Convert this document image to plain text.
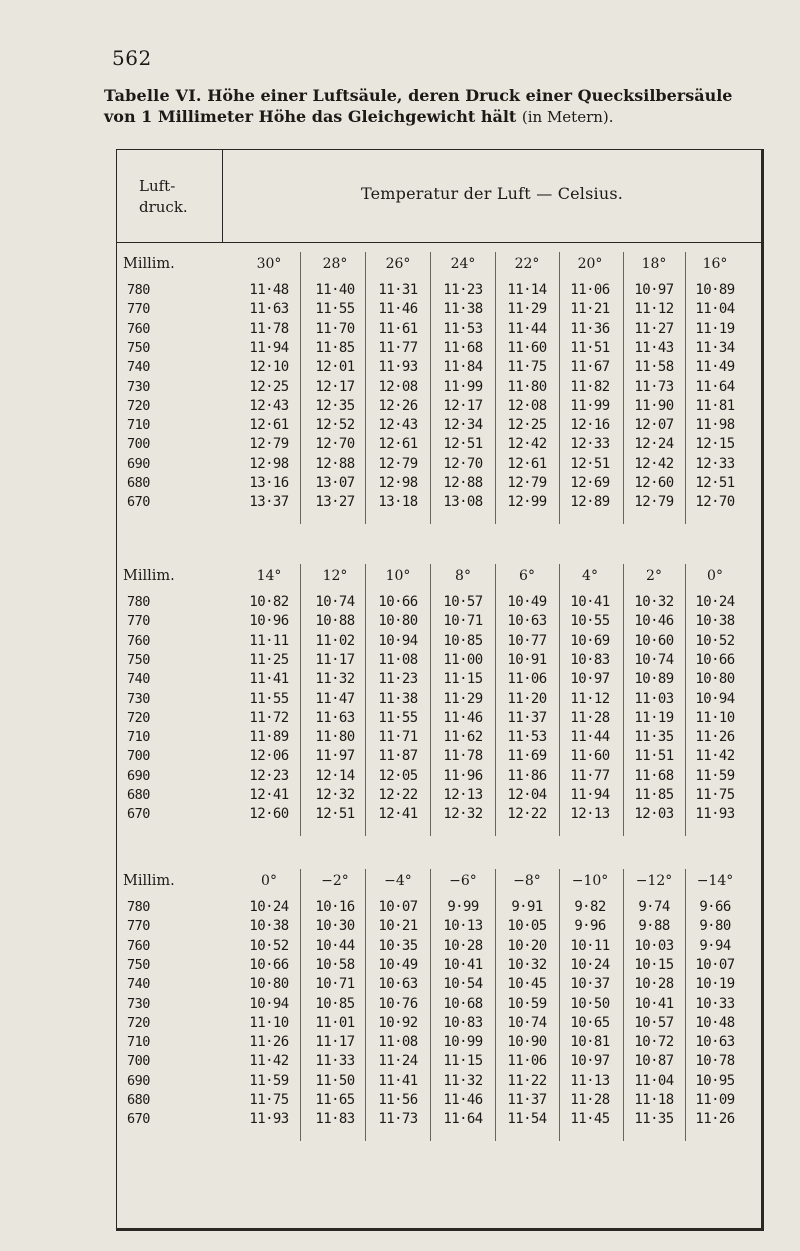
562
Tabelle VI. Höhe einer Luftsäule, deren Druck einer Quecksilbersäule
von 1 Millimeter Höhe das Gleichgewicht hält (in Metern).
Luft-
druck.
Temperatur der Luft — Celsius.
Millim.	30°	28°	26°	24°	22°	20°	18°	16°
780	11·48	11·40	11·31	11·23	11·14	11·06	10·97	10·89
770	11·63	11·55	11·46	11·38	11·29	11·21	11·12	11·04
760	11·78	11·70	11·61	11·53	11·44	11·36	11·27	11·19
750	11·94	11·85	11·77	11·68	11·60	11·51	11·43	11·34
740	12·10	12·01	11·93	11·84	11·75	11·67	11·58	11·49
730	12·25	12·17	12·08	11·99	11·80	11·82	11·73	11·64
720	12·43	12·35	12·26	12·17	12·08	11·99	11·90	11·81
710	12·61	12·52	12·43	12·34	12·25	12·16	12·07	11·98
700	12·79	12·70	12·61	12·51	12·42	12·33	12·24	12·15
690	12·98	12·88	12·79	12·70	12·61	12·51	12·42	12·33
680	13·16	13·07	12·98	12·88	12·79	12·69	12·60	12·51
670	13·37	13·27	13·18	13·08	12·99	12·89	12·79	12·70
Millim.	14°	12°	10°	8°	6°	4°	2°	0°
780	10·82	10·74	10·66	10·57	10·49	10·41	10·32	10·24
770	10·96	10·88	10·80	10·71	10·63	10·55	10·46	10·38
760	11·11	11·02	10·94	10·85	10·77	10·69	10·60	10·52
750	11·25	11·17	11·08	11·00	10·91	10·83	10·74	10·66
740	11·41	11·32	11·23	11·15	11·06	10·97	10·89	10·80
730	11·55	11·47	11·38	11·29	11·20	11·12	11·03	10·94
720	11·72	11·63	11·55	11·46	11·37	11·28	11·19	11·10
710	11·89	11·80	11·71	11·62	11·53	11·44	11·35	11·26
700	12·06	11·97	11·87	11·78	11·69	11·60	11·51	11·42
690	12·23	12·14	12·05	11·96	11·86	11·77	11·68	11·59
680	12·41	12·32	12·22	12·13	12·04	11·94	11·85	11·75
670	12·60	12·51	12·41	12·32	12·22	12·13	12·03	11·93
Millim.	0°	−2°	−4°	−6°	−8°	−10°	−12°	−14°
780	10·24	10·16	10·07	9·99	9·91	9·82	9·74	9·66
770	10·38	10·30	10·21	10·13	10·05	9·96	9·88	9·80
760	10·52	10·44	10·35	10·28	10·20	10·11	10·03	9·94
750	10·66	10·58	10·49	10·41	10·32	10·24	10·15	10·07
740	10·80	10·71	10·63	10·54	10·45	10·37	10·28	10·19
730	10·94	10·85	10·76	10·68	10·59	10·50	10·41	10·33
720	11·10	11·01	10·92	10·83	10·74	10·65	10·57	10·48
710	11·26	11·17	11·08	10·99	10·90	10·81	10·72	10·63
700	11·42	11·33	11·24	11·15	11·06	10·97	10·87	10·78
690	11·59	11·50	11·41	11·32	11·22	11·13	11·04	10·95
680	11·75	11·65	11·56	11·46	11·37	11·28	11·18	11·09
670	11·93	11·83	11·73	11·64	11·54	11·45	11·35	11·26
